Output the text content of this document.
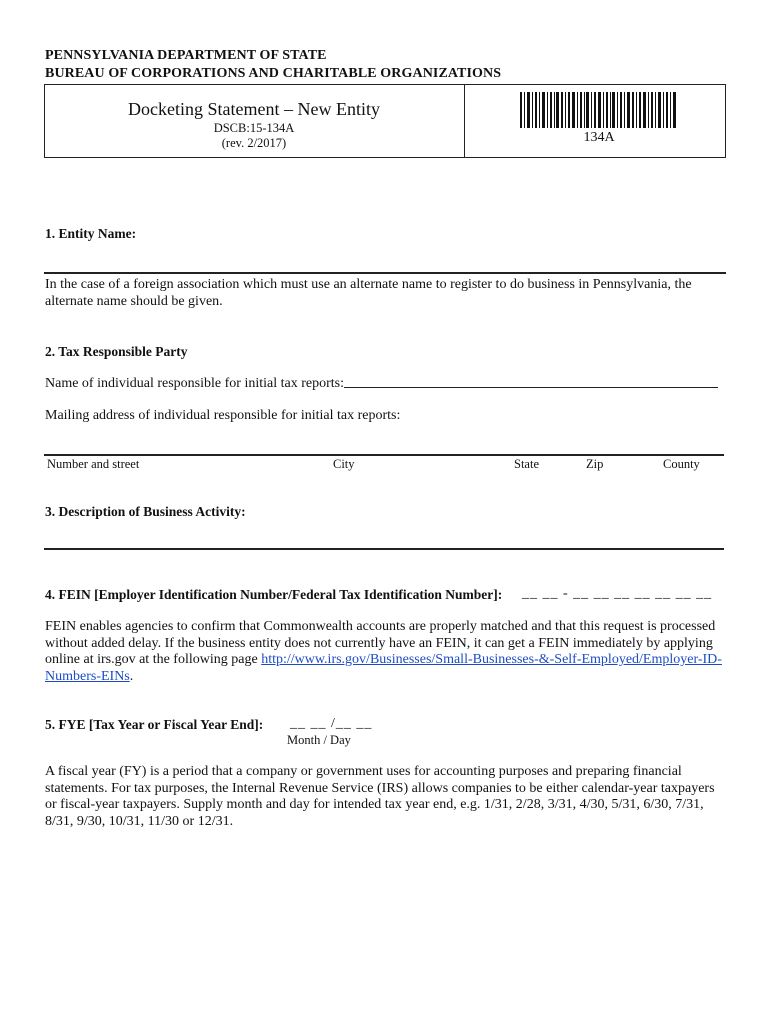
PENNSYLVANIA DEPARTMENT OF STATE
BUREAU OF CORPORATIONS AND CHARITABLE ORGANIZATIONS
Docketing Statement – New Entity
DSCB:15-134A
(rev. 2/2017)	134A
1. Entity Name:
In the case of a foreign association which must use an alternate name to register to do business in Pennsylvania, the alternate name should be given.
2. Tax Responsible Party
Name of individual responsible for initial tax reports:
Mailing address of individual responsible for initial tax reports:
Number and street	City	State	Zip	County
3. Description of Business Activity:
4. FEIN [Employer Identification Number/Federal Tax Identification Number]: __ __ - __ __ __ __ __ __ __
FEIN enables agencies to confirm that Commonwealth accounts are properly matched and that this request is processed without added delay. If the business entity does not currently have an FEIN, it can get a FEIN immediately by applying online at irs.gov at the following page http://www.irs.gov/Businesses/Small-Businesses-&-Self-Employed/Employer-ID-Numbers-EINs.
5. FYE [Tax Year or Fiscal Year End]: __ __ /__ __
Month / Day
A fiscal year (FY) is a period that a company or government uses for accounting purposes and preparing financial statements. For tax purposes, the Internal Revenue Service (IRS) allows companies to be either calendar-year taxpayers or fiscal-year taxpayers. Supply month and day for intended tax year end, e.g. 1/31, 2/28, 3/31, 4/30, 5/31, 6/30, 7/31, 8/31, 9/30, 10/31, 11/30 or 12/31.
